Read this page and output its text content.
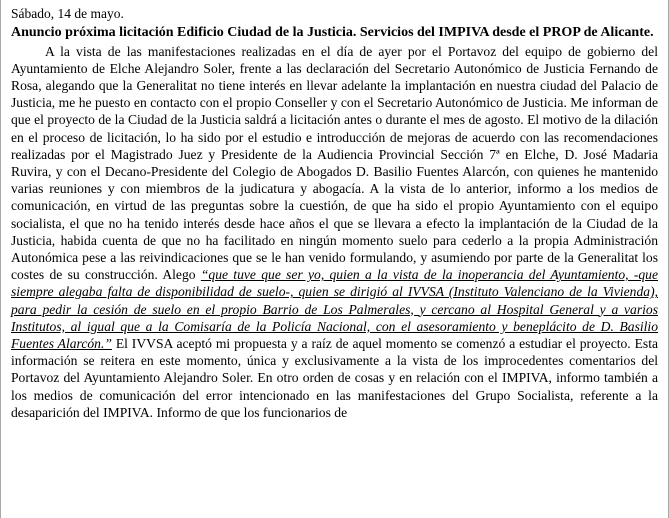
Sábado, 14 de mayo.

Anuncio próxima licitación Edificio Ciudad de la Justicia. Servicios del IMPIVA desde el PROP de Alicante.

A la vista de las manifestaciones realizadas en el día de ayer por el Portavoz del equipo de gobierno del Ayuntamiento de Elche Alejandro Soler, frente a las declaración del Secretario Autonómico de Justicia Fernando de Rosa, alegando que la Generalitat no tiene interés en llevar adelante la implantación en nuestra ciudad del Palacio de Justicia, me he puesto en contacto con el propio Conseller y con el Secretario Autonómico de Justicia. Me informan de que el proyecto de la Ciudad de la Justicia saldrá a licitación antes o durante el mes de agosto. El motivo de la dilación en el proceso de licitación, lo ha sido por el estudio e introducción de mejoras de acuerdo con las recomendaciones realizadas por el Magistrado Juez y Presidente de la Audiencia Provincial Sección 7ª en Elche, D. José Madaria Ruvira, y con el Decano-Presidente del Colegio de Abogados D. Basilio Fuentes Alarcón, con quienes he mantenido varias reuniones y con miembros de la judicatura y abogacía. A la vista de lo anterior, informo a los medios de comunicación, en virtud de las preguntas sobre la cuestión, de que ha sido el propio Ayuntamiento con el equipo socialista, el que no ha tenido interés desde hace años el que se llevara a efecto la implantación de la Ciudad de la Justicia, habida cuenta de que no ha facilitado en ningún momento suelo para cederlo a la propia Administración Autonómica pese a las reivindicaciones que se le han venido formulando, y asumiendo por parte de la Generalitat los costes de su construcción. Alego “que tuve que ser yo, quien a la vista de la inoperancia del Ayuntamiento, -que siempre alegaba falta de disponibilidad de suelo-, quien se dirigió al IVVSA (Instituto Valenciano de la Vivienda), para pedir la cesión de suelo en el propio Barrio de Los Palmerales, y cercano al Hospital General y a varios Institutos, al igual que a la Comisaría de la Policía Nacional, con el asesoramiento y beneplácito de D. Basilio Fuentes Alarcón.” El IVVSA aceptó mi propuesta y a raíz de aquel momento se comenzó a estudiar el proyecto. Esta información se reitera en este momento, única y exclusivamente a la vista de los improcedentes comentarios del Portavoz del Ayuntamiento Alejandro Soler. En otro orden de cosas y en relación con el IMPIVA, informo también a los medios de comunicación del error intencionado en las manifestaciones del Grupo Socialista, referente a la desaparición del IMPIVA. Informo de que los funcionarios de
